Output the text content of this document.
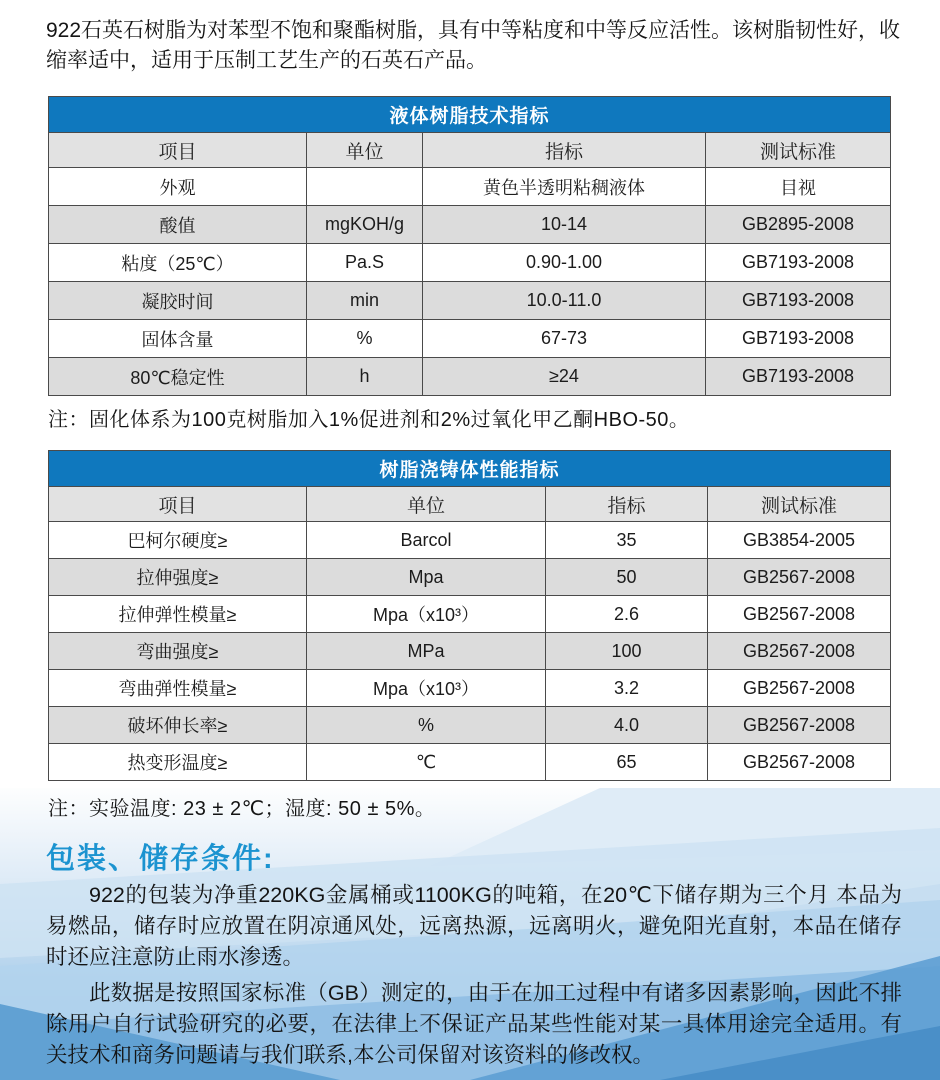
922石英石树脂为对苯型不饱和聚酯树脂，具有中等粘度和中等反应活性。该树脂韧性好，收缩率适中，适用于压制工艺生产的石英石产品。

液体树脂技术指标			
项目	单位	指标	测试标准
外观		黄色半透明粘稠液体	目视
酸值	mgKOH/g	10-14	GB2895-2008
粘度（25℃）	Pa.S	0.90-1.00	GB7193-2008
凝胶时间	min	10.0-11.0	GB7193-2008
固体含量	%	67-73	GB7193-2008
80℃稳定性	h	≥24	GB7193-2008
注：固化体系为100克树脂加入1%促进剂和2%过氧化甲乙酮HBO-50。
树脂浇铸体性能指标			
项目	单位	指标	测试标准
巴柯尔硬度≥	Barcol	35	GB3854-2005
拉伸强度≥	Mpa	50	GB2567-2008
拉伸弹性模量≥	Mpa（x10³）	2.6	GB2567-2008
弯曲强度≥	MPa	100	GB2567-2008
弯曲弹性模量≥	Mpa（x10³）	3.2	GB2567-2008
破坏伸长率≥	%	4.0	GB2567-2008
热变形温度≥	℃	65	GB2567-2008
注：实验温度: 23 ± 2℃；湿度: 50 ± 5%。
包装、储存条件:

922的包装为净重220KG金属桶或1100KG的吨箱，在20℃下储存期为三个月 本品为易燃品，储存时应放置在阴凉通风处，远离热源，远离明火，避免阳光直射，本品在储存时还应注意防止雨水渗透。

此数据是按照国家标准（GB）测定的，由于在加工过程中有诸多因素影响，因此不排除用户自行试验研究的必要，在法律上不保证产品某些性能对某一具体用途完全适用。有关技术和商务问题请与我们联系,本公司保留对该资料的修改权。
